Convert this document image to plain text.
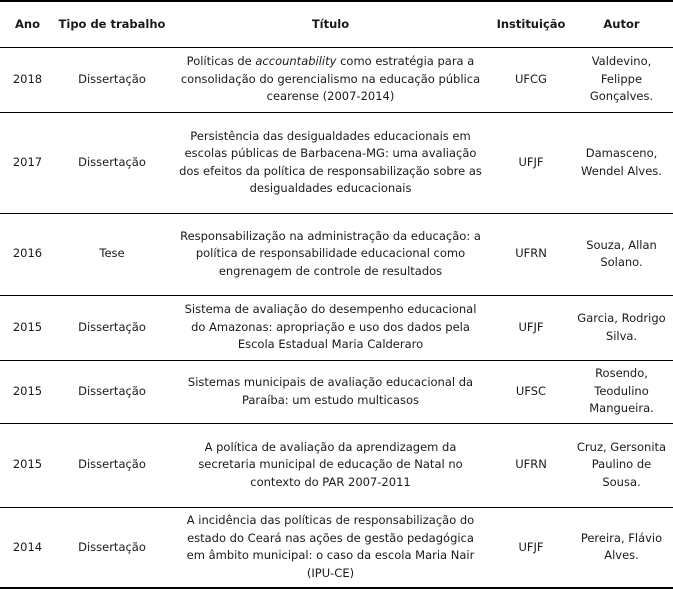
Ano	Tipo de trabalho	Título	Instituição	Autor
2018	Dissertação	Políticas de accountability como estratégia para a consolidação do gerencialismo na educação pública cearense (2007-2014)	UFCG	Valdevino, Felippe Gonçalves.
2017	Dissertação	Persistência das desigualdades educacionais em escolas públicas de Barbacena-MG: uma avaliação dos efeitos da política de responsabilização sobre as desigualdades educacionais	UFJF	Damasceno, Wendel Alves.
2016	Tese	Responsabilização na administração da educação: a política de responsabilidade educacional como engrenagem de controle de resultados	UFRN	Souza, Allan Solano.
2015	Dissertação	Sistema de avaliação do desempenho educacional do Amazonas: apropriação e uso dos dados pela Escola Estadual Maria Calderaro	UFJF	Garcia, Rodrigo Silva.
2015	Dissertação	Sistemas municipais de avaliação educacional da Paraíba: um estudo multicasos	UFSC	Rosendo, Teodulino Mangueira.
2015	Dissertação	A política de avaliação da aprendizagem da secretaria municipal de educação de Natal no contexto do PAR 2007-2011	UFRN	Cruz, Gersonita Paulino de Sousa.
2014	Dissertação	A incidência das políticas de responsabilização do estado do Ceará nas ações de gestão pedagógica em âmbito municipal: o caso da escola Maria Nair (IPU-CE)	UFJF	Pereira, Flávio Alves.
